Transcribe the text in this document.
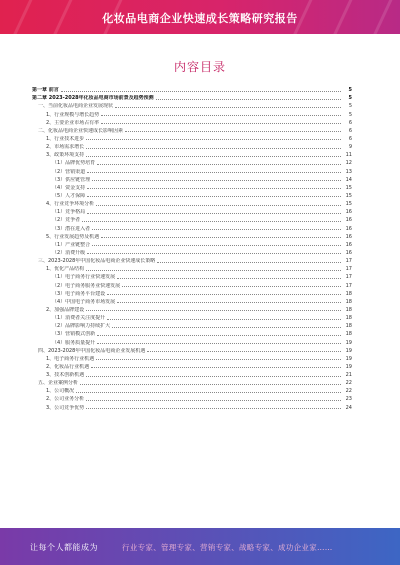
化妆品电商企业快速成长策略研究报告
内容目录
第一章 前言	5
第二章 2023-2028年化妆品电商市场前景及趋势预测	5
一、当前化妆品电商企业发展现状	5
1、行业规模与增长趋势	5
2、主要企业市场占有率	6
二、化妆品电商企业快速成长影响因素	6
1、行业技术进步	6
2、市场需求增长	9
3、政策环境支持	11
（1）品牌优势培育	12
（2）营销渠道	13
（3）供应链管理	14
（4）资金支持	15
（5）人才保障	15
4、行业竞争环境分析	15
（1）竞争格局	16
（2）竞争者	16
（3）潜在进入者	16
5、行业发展趋势及机遇	16
（1）产业链整合	16
（2）消费升级	16
三、2023-2028年中国化妆品电商企业快速成长策略	17
1、优化产品结构	17
（1）电子商务行业快速发展	17
（2）电子商务服务业快速发展	17
（3）电子商务平台建设	18
（4）中国电子商务市场发展	18
2、加强品牌建设	18
（1）消费者关注度提升	18
（2）品牌影响力持续扩大	18
（3）营销模式创新	18
（4）服务质量提升	19
四、2023-2028年中国化妆品电商企业发展机遇	19
1、电子商务行业机遇	19
2、化妆品行业机遇	19
3、技术创新机遇	21
五、企业案例分析	22
1、公司概况	22
2、公司业务分析	23
3、公司竞争优势	24
让每个人都能成为	行业专家、管理专家、营销专家、战略专家、成功企业家……
